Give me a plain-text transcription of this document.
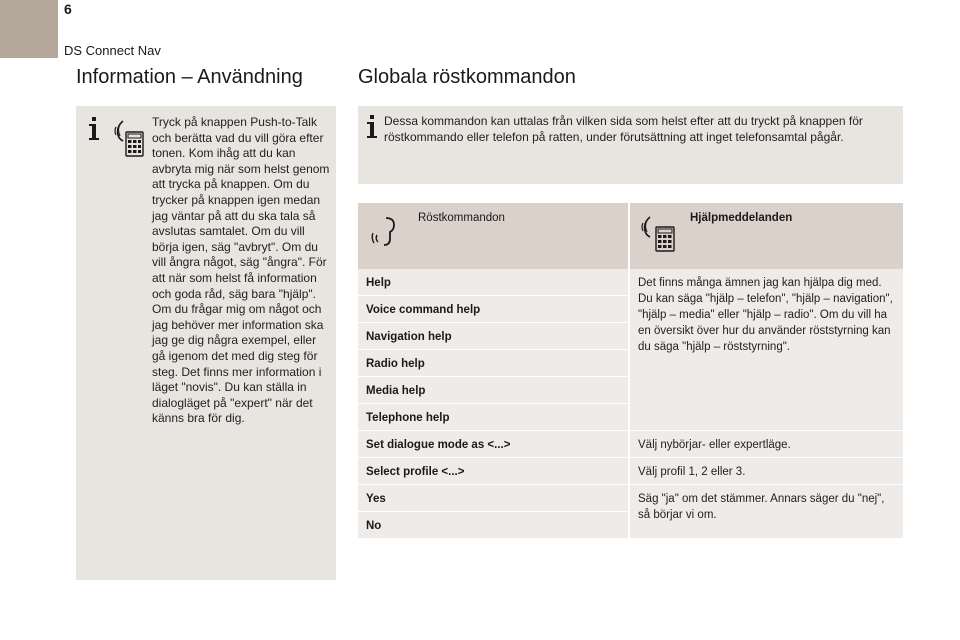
6
DS Connect Nav
Information – Användning	Globala röstkommandon

Tryck på knappen Push-to-Talk och berätta vad du vill göra efter tonen. Kom ihåg att du kan avbryta mig när som helst genom att trycka på knappen. Om du trycker på knappen igen medan jag väntar på att du ska tala så avslutas samtalet. Om du vill börja igen, säg "avbryt". Om du vill ångra något, säg "ångra". För att när som helst få information och goda råd, säg bara "hjälp". Om du frågar mig om något och jag behöver mer information ska jag ge dig några exempel, eller gå igenom det med dig steg för steg. Det finns mer information i läget "novis". Du kan ställa in dialogläget på "expert" när det känns bra för dig.

Dessa kommandon kan uttalas från vilken sida som helst efter att du tryckt på knappen för röstkommando eller telefon på ratten, under förutsättning att inget telefonsamtal pågår.

Röstkommandon	Hjälpmeddelanden

Help	Det finns många ämnen jag kan hjälpa dig med. Du kan säga "hjälp – telefon", "hjälp – navigation", "hjälp – media" eller "hjälp – radio". Om du vill ha en översikt över hur du använder röststyrning kan du säga "hjälp – röststyrning".
Voice command help	
Navigation help	
Radio help	
Media help	
Telephone help	
Set dialogue mode as <...>	Välj nybörjar- eller expertläge.
Select profile <...>	Välj profil 1, 2 eller 3.
Yes	Säg "ja" om det stämmer. Annars säger du "nej", så börjar vi om.
No	
